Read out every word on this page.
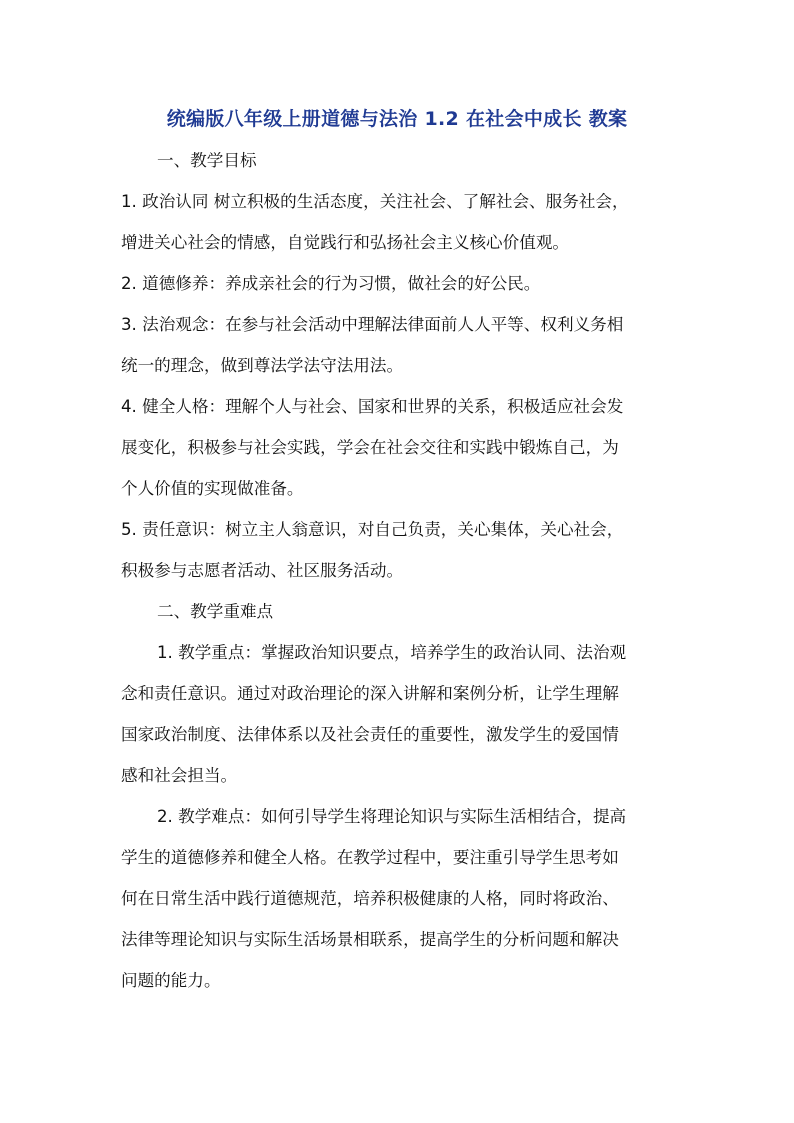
统编版八年级上册道德与法治 1.2 在社会中成长 教案
一、教学目标
1. 政治认同 树立积极的生活态度，关注社会、了解社会、服务社会，
增进关心社会的情感，自觉践行和弘扬社会主义核心价值观。
2. 道德修养：养成亲社会的行为习惯，做社会的好公民。
3. 法治观念：在参与社会活动中理解法律面前人人平等、权利义务相
统一的理念，做到尊法学法守法用法。
4. 健全人格：理解个人与社会、国家和世界的关系，积极适应社会发
展变化，积极参与社会实践，学会在社会交往和实践中锻炼自己，为
个人价值的实现做准备。
5. 责任意识：树立主人翁意识，对自己负责，关心集体，关心社会，
积极参与志愿者活动、社区服务活动。
二、教学重难点
1. 教学重点：掌握政治知识要点，培养学生的政治认同、法治观
念和责任意识。通过对政治理论的深入讲解和案例分析，让学生理解
国家政治制度、法律体系以及社会责任的重要性，激发学生的爱国情
感和社会担当。
2. 教学难点：如何引导学生将理论知识与实际生活相结合，提高
学生的道德修养和健全人格。在教学过程中，要注重引导学生思考如
何在日常生活中践行道德规范，培养积极健康的人格，同时将政治、
法律等理论知识与实际生活场景相联系，提高学生的分析问题和解决
问题的能力。
